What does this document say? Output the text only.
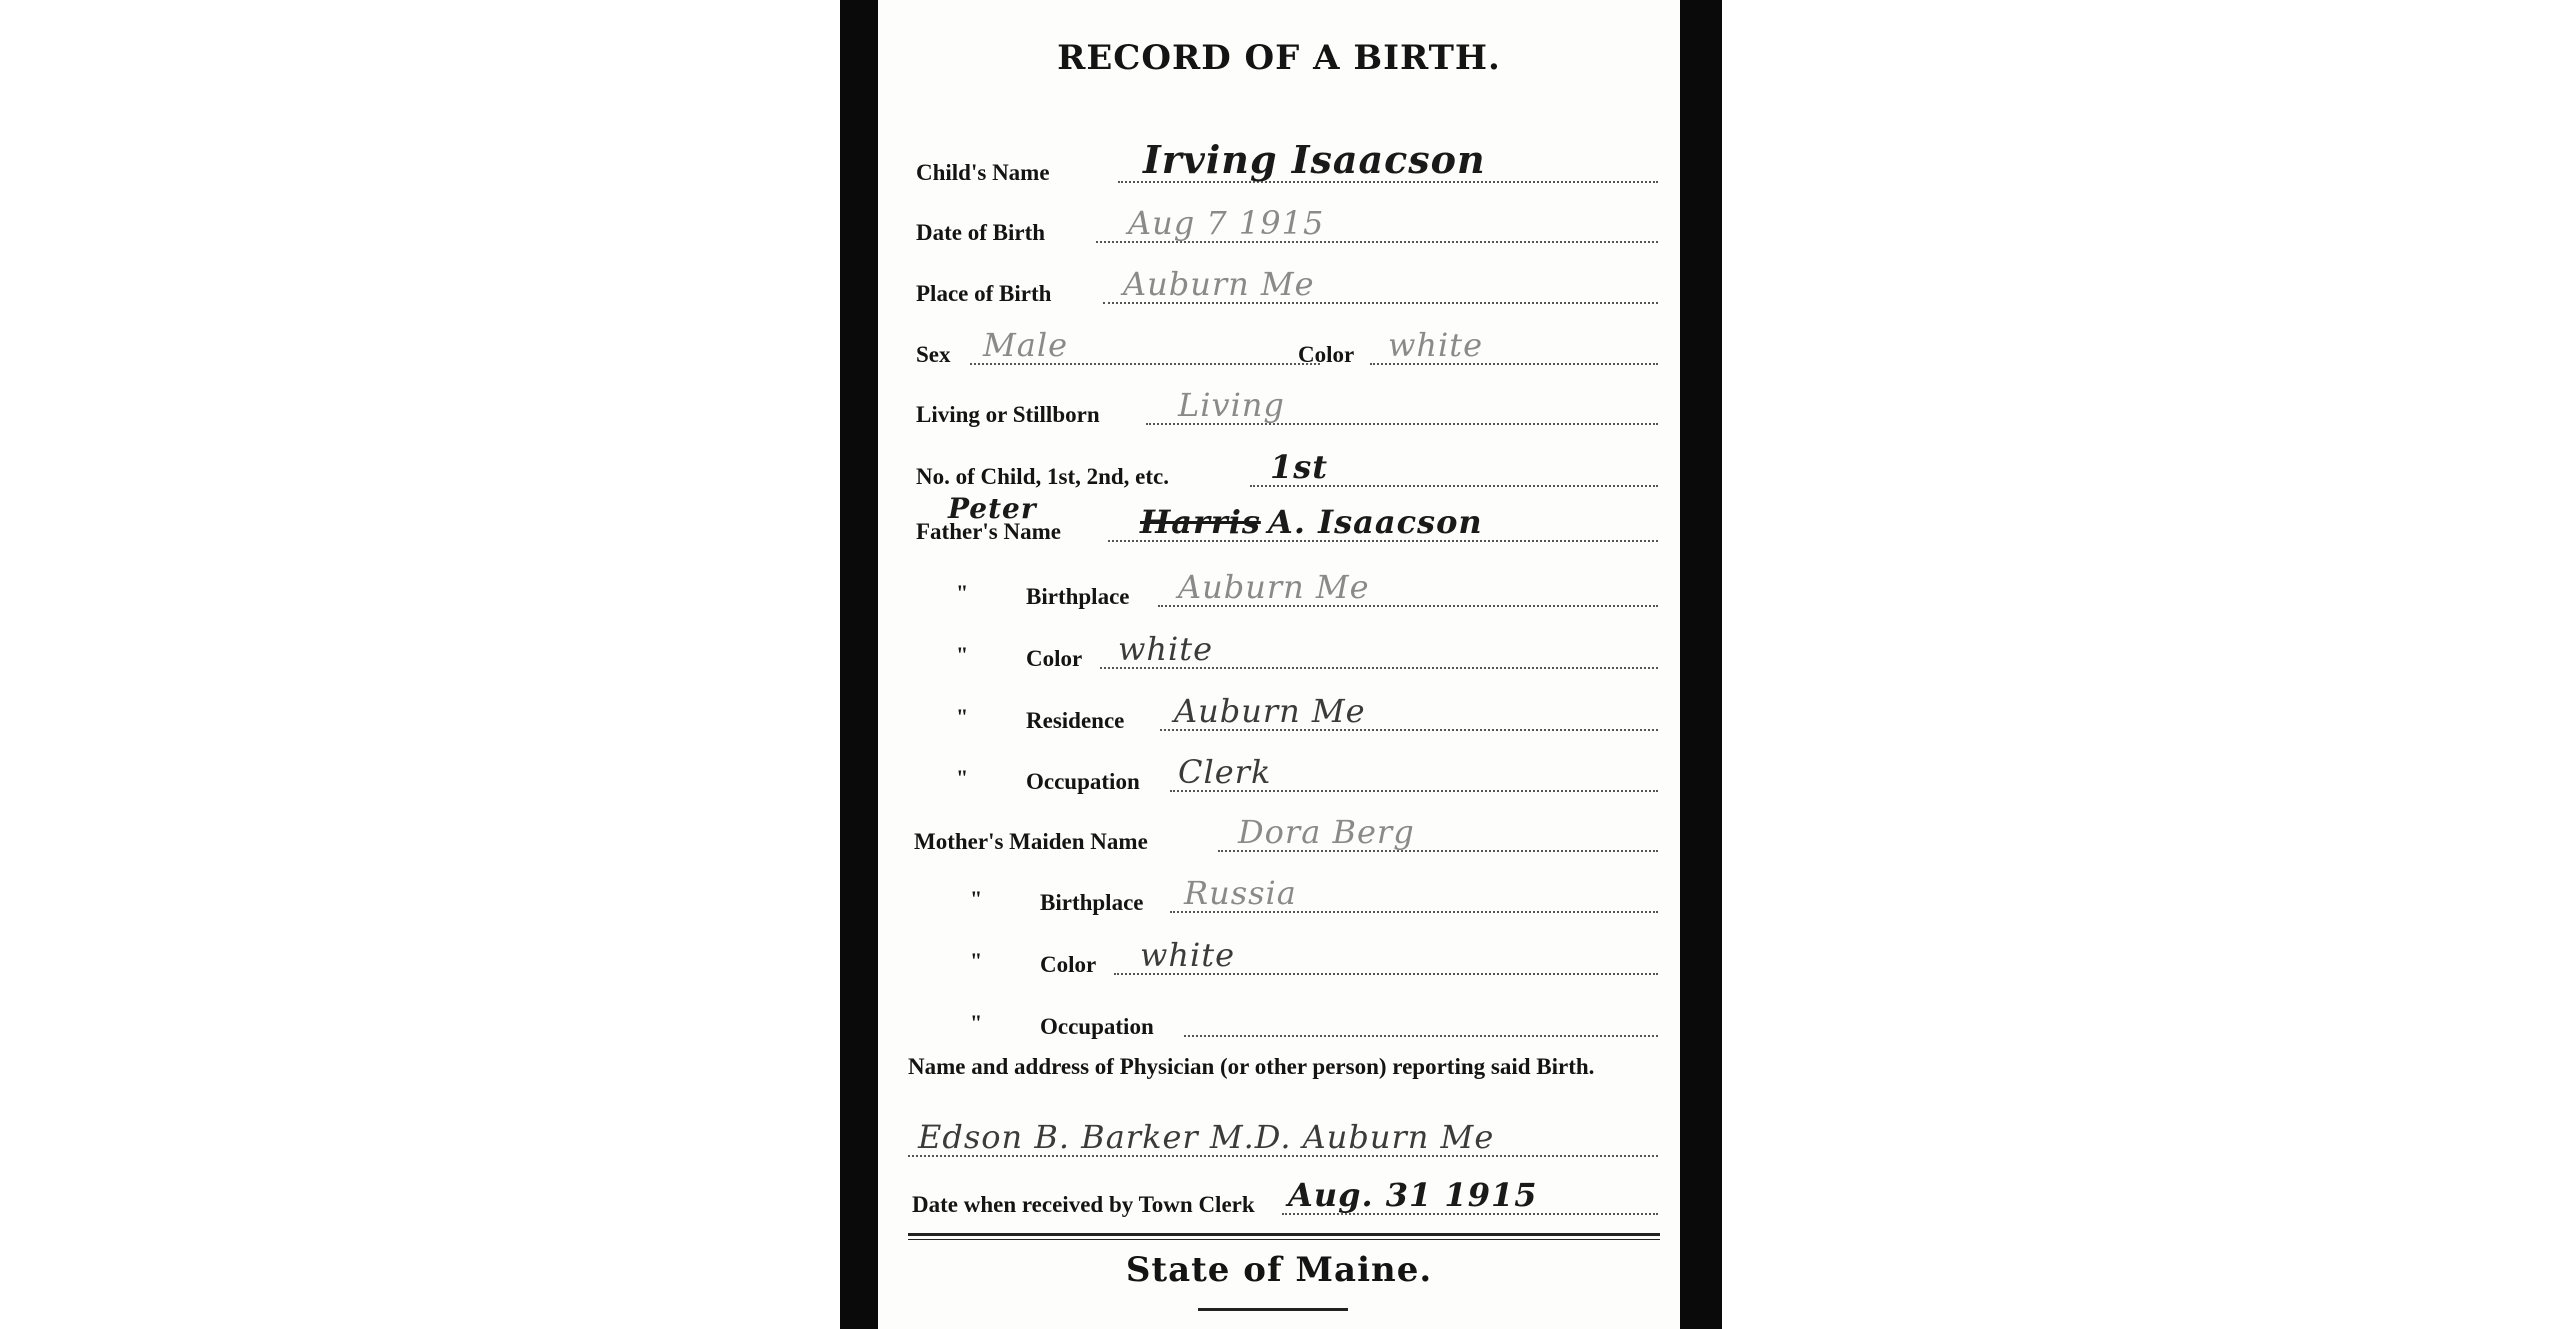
RECORD OF A BIRTH.
Child's Name Irving Isaacson
Date of Birth	Aug 7 1915
Place of Birth Auburn Me
Sex Male	Color white
Living or Stillborn Living
No. of Child, 1st, 2nd, etc.	1st
Peter
Father's Name Harris A. Isaacson
"	Birthplace Auburn Me
"	Color white
"	Residence Auburn Me
"	Occupation Clerk
Mother's Maiden Name	Dora Berg
"	Birthplace Russia
"	Color white
"	Occupation
Name and address of Physician (or other person) reporting said Birth.
Edson B. Barker M.D. Auburn Me
Date when received by Town Clerk Aug. 31 1915
State of Maine.
